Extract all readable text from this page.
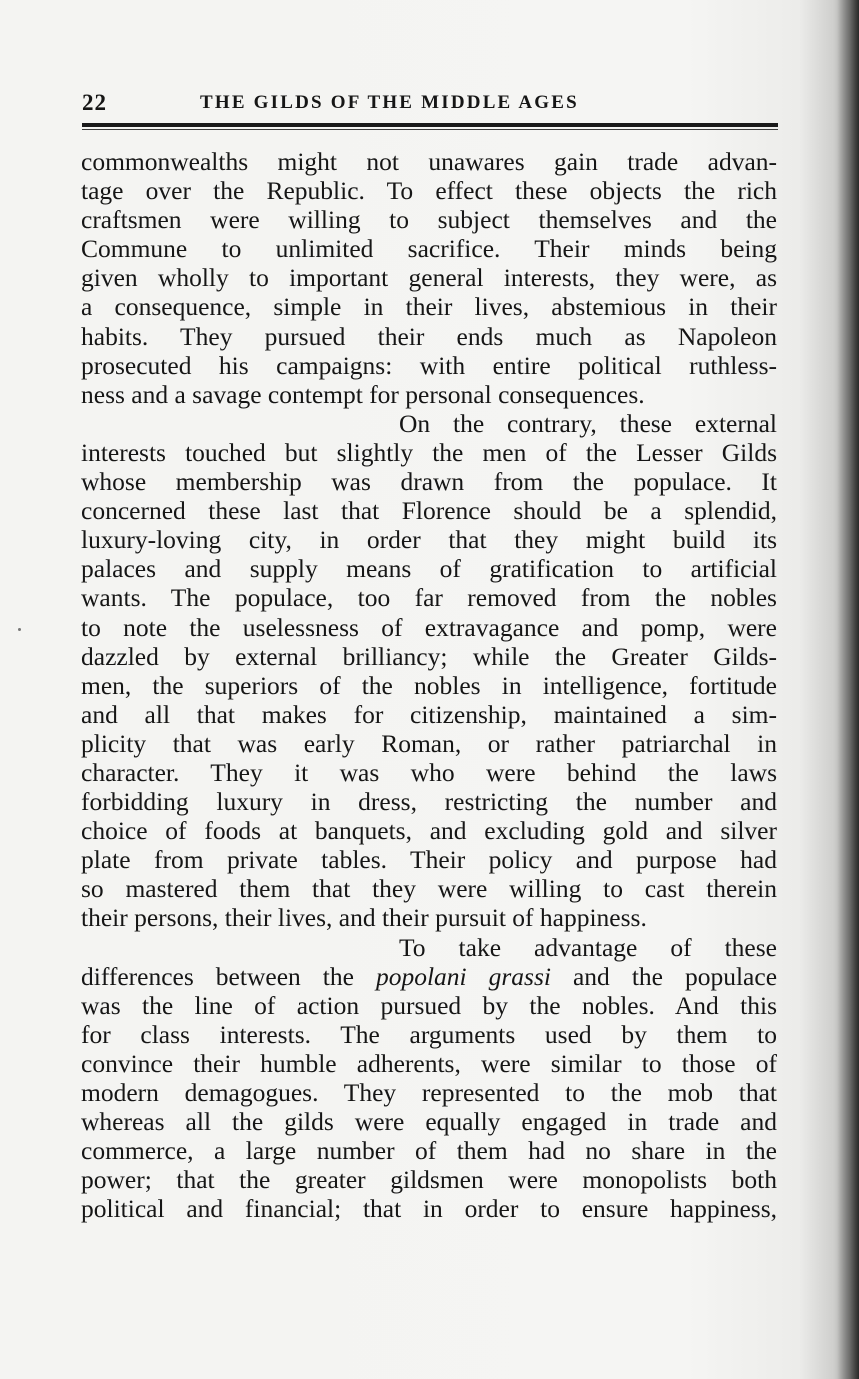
22	THE GILDS OF THE MIDDLE AGES
commonwealths might not unawares gain trade advan-
tage over the Republic. To effect these objects the rich
craftsmen were willing to subject themselves and the
Commune to unlimited sacrifice. Their minds being
given wholly to important general interests, they were, as
a consequence, simple in their lives, abstemious in their
habits. They pursued their ends much as Napoleon
prosecuted his campaigns: with entire political ruthless-
ness and a savage contempt for personal consequences.
On the contrary, these external
interests touched but slightly the men of the Lesser Gilds
whose membership was drawn from the populace. It
concerned these last that Florence should be a splendid,
luxury-loving city, in order that they might build its
palaces and supply means of gratification to artificial
wants. The populace, too far removed from the nobles
to note the uselessness of extravagance and pomp, were
dazzled by external brilliancy; while the Greater Gilds-
men, the superiors of the nobles in intelligence, fortitude
and all that makes for citizenship, maintained a sim-
plicity that was early Roman, or rather patriarchal in
character. They it was who were behind the laws
forbidding luxury in dress, restricting the number and
choice of foods at banquets, and excluding gold and silver
plate from private tables. Their policy and purpose had
so mastered them that they were willing to cast therein
their persons, their lives, and their pursuit of happiness.
To take advantage of these
differences between the popolani grassi and the populace
was the line of action pursued by the nobles. And this
for class interests. The arguments used by them to
convince their humble adherents, were similar to those of
modern demagogues. They represented to the mob that
whereas all the gilds were equally engaged in trade and
commerce, a large number of them had no share in the
power; that the greater gildsmen were monopolists both
political and financial; that in order to ensure happiness,
